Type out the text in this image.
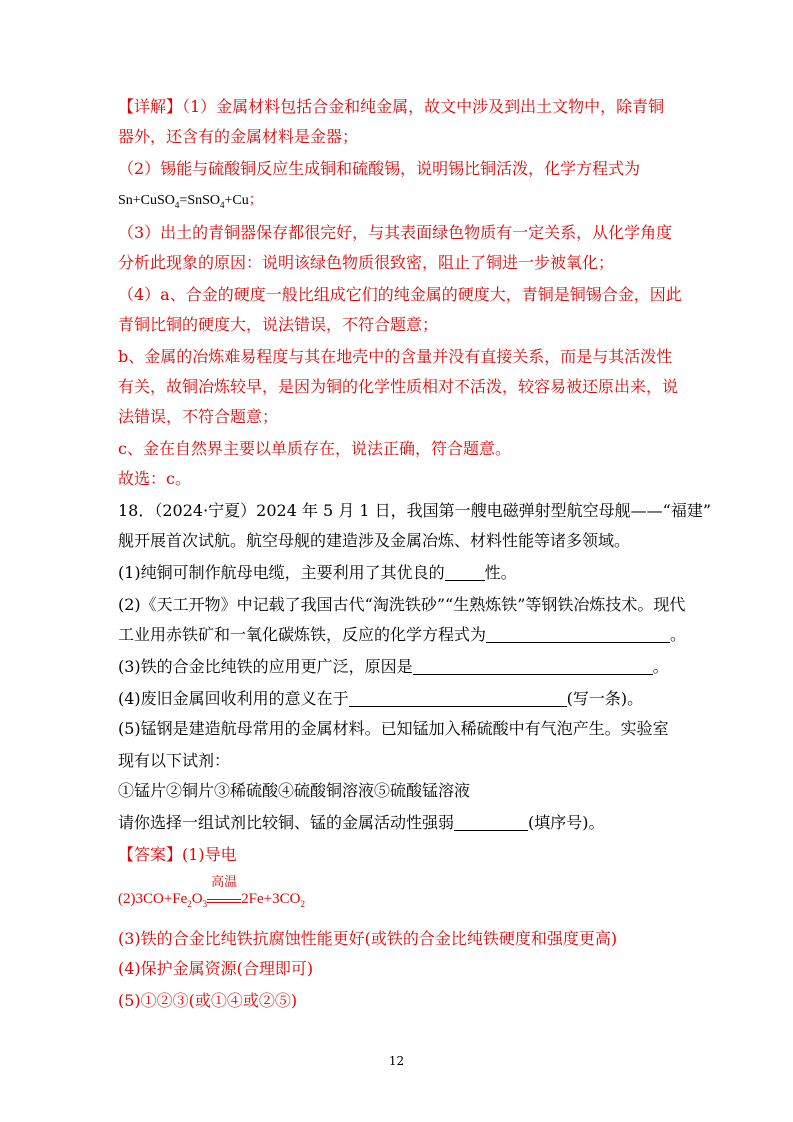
【详解】（1）金属材料包括合金和纯金属，故文中涉及到出土文物中，除青铜
器外，还含有的金属材料是金器；
（2）锡能与硫酸铜反应生成铜和硫酸锡，说明锡比铜活泼，化学方程式为
Sn+CuSO$_4$=SnSO$_4$+Cu；
（3）出土的青铜器保存都很完好，与其表面绿色物质有一定关系，从化学角度
分析此现象的原因：说明该绿色物质很致密，阻止了铜进一步被氧化；
（4）a、合金的硬度一般比组成它们的纯金属的硬度大，青铜是铜锡合金，因此
青铜比铜的硬度大，说法错误，不符合题意；
b、金属的冶炼难易程度与其在地壳中的含量并没有直接关系，而是与其活泼性
有关，故铜冶炼较早，是因为铜的化学性质相对不活泼，较容易被还原出来，说
法错误，不符合题意；
c、金在自然界主要以单质存在，说法正确，符合题意。
故选：c。
18．（2024·宁夏）2024 年 5 月 1 日，我国第一艘电磁弹射型航空母舰——“福建”
舰开展首次试航。航空母舰的建造涉及金属冶炼、材料性能等诸多领域。
(1)纯铜可制作航母电缆，主要利用了其优良的	性。
(2)《天工开物》中记载了我国古代“淘洗铁砂”“生熟炼铁”等钢铁冶炼技术。现代
工业用赤铁矿和一氧化碳炼铁，反应的化学方程式为	。
(3)铁的合金比纯铁的应用更广泛，原因是	。
(4)废旧金属回收利用的意义在于	(写一条)。
(5)锰钢是建造航母常用的金属材料。已知锰加入稀硫酸中有气泡产生。实验室
现有以下试剂：
①锰片②铜片③稀硫酸④硫酸铜溶液⑤硫酸锰溶液
请你选择一组试剂比较铜、锰的金属活动性强弱	(填序号)。
【答案】(1)导电
$(2)3CO+Fe_2O_3$
高温
$2Fe+3CO_2$
(3)铁的合金比纯铁抗腐蚀性能更好(或铁的合金比纯铁硬度和强度更高)
(4)保护金属资源(合理即可)
(5)①②③(或①④或②⑤)
12
